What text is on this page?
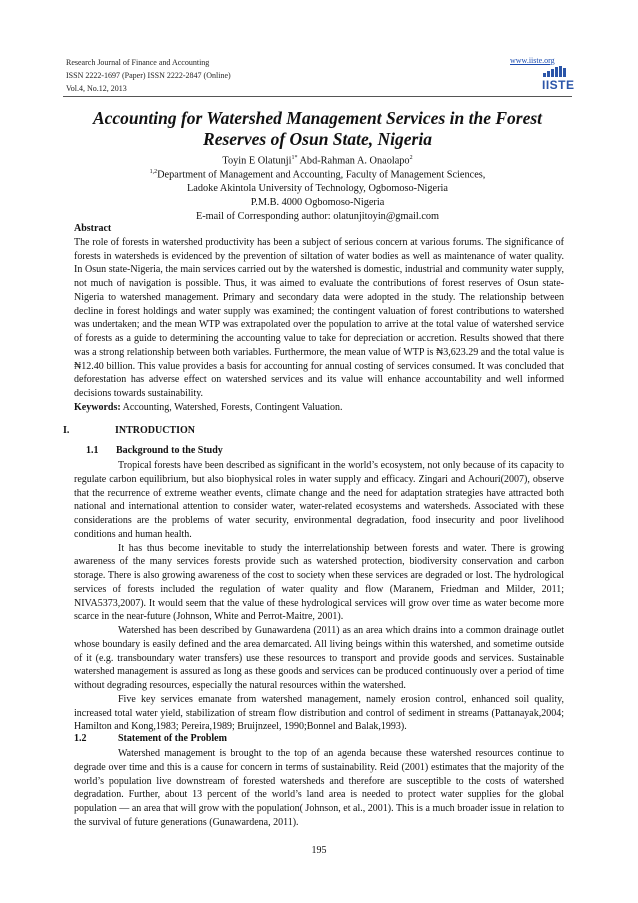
Research Journal of Finance and Accounting
ISSN 2222-1697 (Paper) ISSN 2222-2847 (Online)
Vol.4, No.12, 2013
www.iiste.org
IISTE
Accounting for Watershed Management Services in the Forest
Reserves of Osun State, Nigeria
Toyin E Olatunji$^{1*}$ Abd-Rahman A. Onaolapo$^2$
$^{1,2}$Department of Management and Accounting, Faculty of Management Sciences,
Ladoke Akintola University of Technology, Ogbomoso-Nigeria
P.M.B. 4000 Ogbomoso-Nigeria
E-mail of Corresponding author: olatunjitoyin@gmail.com

Abstract

The role of forests in watershed productivity has been a subject of serious concern at various forums. The significance of forests in watersheds is evidenced by the prevention of siltation of water bodies as well as maintenance of water quality. In Osun state-Nigeria, the main services carried out by the watershed is domestic, industrial and community water supply, not much of navigation is possible. Thus, it was aimed to evaluate the contributions of forest reserves of Osun state-Nigeria to watershed management. Primary and secondary data were adopted in the study. The relationship between decline in forest holdings and water supply was examined; the contingent valuation of forest contributions to watershed was undertaken; and the mean WTP was extrapolated over the population to arrive at the total value of watershed service of forests as a guide to determining the accounting value to take for depreciation or accretion. Results showed that there was a strong relationship between both variables. Furthermore, the mean value of WTP is ₦3,623.29 and the total value is ₦12.40 billion. This value provides a basis for accounting for annual costing of services consumed. It was concluded that deforestation has adverse effect on watershed services and its value will enhance accountability and well informed decisions towards sustainability.

Keywords: Accounting, Watershed, Forests, Contingent Valuation.

I.	INTRODUCTION
1.1 Background to the Study

Tropical forests have been described as significant in the world’s ecosystem, not only because of its capacity to regulate carbon equilibrium, but also biophysical roles in water supply and efficacy. Zingari and Achouri(2007), observe that the recurrence of extreme weather events, climate change and the need for adaptation strategies have attracted both national and international attention to consider water, water-related ecosystems and watersheds. Associated with these considerations are the problems of water security, environmental degradation, food insecurity and poor livelihood conditions and human health.

It has thus become inevitable to study the interrelationship between forests and water. There is growing awareness of the many services forests provide such as watershed protection, biodiversity conservation and carbon storage. There is also growing awareness of the cost to society when these services are degraded or lost. The hydrological services of forests included the regulation of water quality and flow (Maranem, Friedman and Milder, 2011; NIVA5373,2007). It would seem that the value of these hydrological services will grow over time as water become more scarce in the near-future (Johnson, White and Perrot-Maitre, 2001).

Watershed has been described by Gunawardena (2011) as an area which drains into a common drainage outlet whose boundary is easily defined and the area demarcated. All living beings within this watershed, and sometime outside of it (e.g. transboundary water transfers) use these resources to transport and provide goods and services. Sustainable watershed management is assured as long as these goods and services can be produced continuously over a period of time without degrading resources, especially the natural resources within the watershed.

Five key services emanate from watershed management, namely erosion control, enhanced soil quality, increased total water yield, stabilization of stream flow distribution and control of sediment in streams (Pattanayak,2004; Hamilton and Kong,1983; Pereira,1989; Bruijnzeel, 1990;Bonnel and Balak,1993).

1.2	Statement of the Problem

Watershed management is brought to the top of an agenda because these watershed resources continue to degrade over time and this is a cause for concern in terms of sustainability. Reid (2001) estimates that the majority of the world’s population live downstream of forested watersheds and therefore are susceptible to the costs of watershed degradation. Further, about 13 percent of the world’s land area is needed to protect water supplies for the global population — an area that will grow with the population( Johnson, et al., 2001). This is a much broader issue in relation to the survival of future generations (Gunawardena, 2011).

195
